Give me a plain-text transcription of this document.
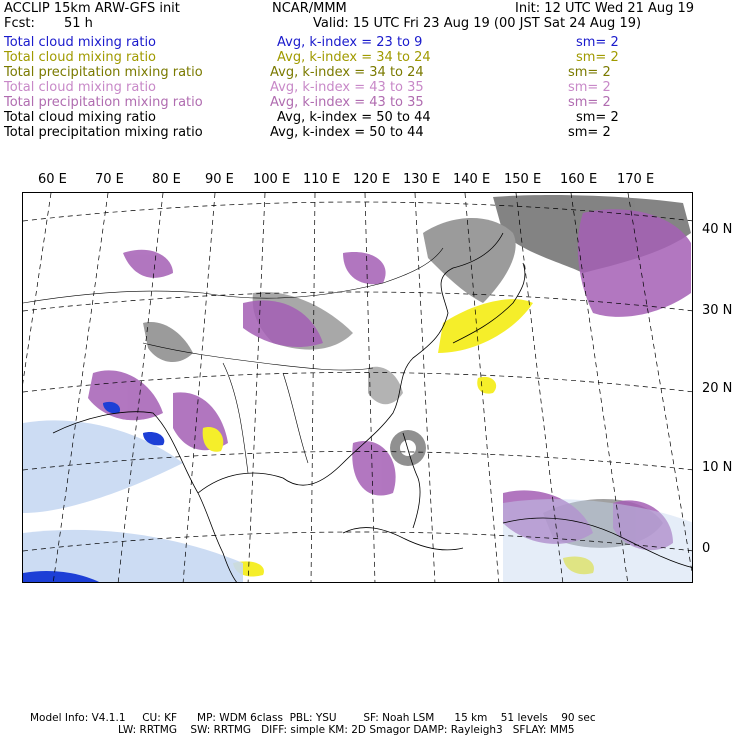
ACCLIP 15km ARW-GFS init	NCAR/MMM	Init: 12 UTC Wed 21 Aug 19
Fcst: 51 h	Valid: 15 UTC Fri 23 Aug 19 (00 JST Sat 24 Aug 19)
Total cloud mixing ratio	Avg, k-index = 23 to 9	sm= 2
Total cloud mixing ratio	Avg, k-index = 34 to 24	sm= 2
Total precipitation mixing ratio	Avg, k-index = 34 to 24	sm= 2
Total cloud mixing ratio	Avg, k-index = 43 to 35	sm= 2
Total precipitation mixing ratio	Avg, k-index = 43 to 35	sm= 2
Total cloud mixing ratio	Avg, k-index = 50 to 44	sm= 2
Total precipitation mixing ratio	Avg, k-index = 50 to 44	sm= 2
60 E 70 E 80 E 90 E 100 E 110 E 120 E 130 E 140 E 150 E 160 E 170 E
40 N
30 N
20 N
10 N
0
Model Info: V4.1.1     CU: KF      MP: WDM 6class  PBL: YSU        SF: Noah LSM      15 km    51 levels    90 sec
LW: RRTMG    SW: RRTMG   DIFF: simple KM: 2D Smagor DAMP: Rayleigh3   SFLAY: MM5
